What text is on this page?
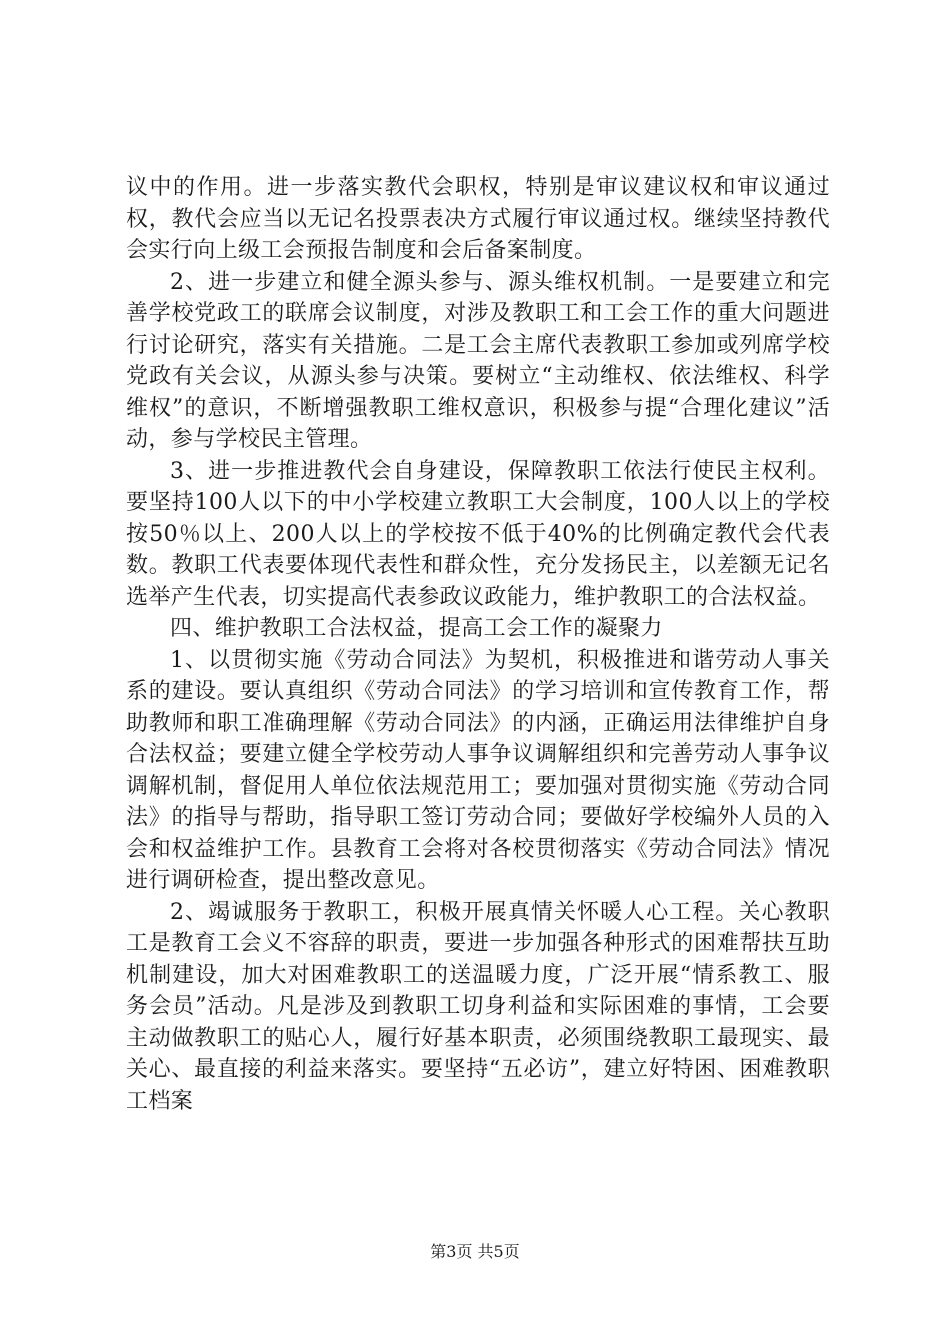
议中的作用。进一步落实教代会职权，特别是审议建议权和审议通过权，教代会应当以无记名投票表决方式履行审议通过权。继续坚持教代会实行向上级工会预报告制度和会后备案制度。

2、进一步建立和健全源头参与、源头维权机制。一是要建立和完善学校党政工的联席会议制度，对涉及教职工和工会工作的重大问题进行讨论研究，落实有关措施。二是工会主席代表教职工参加或列席学校党政有关会议，从源头参与决策。要树立“主动维权、依法维权、科学维权”的意识，不断增强教职工维权意识，积极参与提“合理化建议”活动，参与学校民主管理。

3、进一步推进教代会自身建设，保障教职工依法行使民主权利。要坚持100人以下的中小学校建立教职工大会制度，100人以上的学校按50％以上、200人以上的学校按不低于40%的比例确定教代会代表数。教职工代表要体现代表性和群众性，充分发扬民主，以差额无记名选举产生代表，切实提高代表参政议政能力，维护教职工的合法权益。

四、维护教职工合法权益，提高工会工作的凝聚力

1、以贯彻实施《劳动合同法》为契机，积极推进和谐劳动人事关系的建设。要认真组织《劳动合同法》的学习培训和宣传教育工作，帮助教师和职工准确理解《劳动合同法》的内涵，正确运用法律维护自身合法权益；要建立健全学校劳动人事争议调解组织和完善劳动人事争议调解机制，督促用人单位依法规范用工；要加强对贯彻实施《劳动合同法》的指导与帮助，指导职工签订劳动合同；要做好学校编外人员的入会和权益维护工作。县教育工会将对各校贯彻落实《劳动合同法》情况进行调研检查，提出整改意见。

2、竭诚服务于教职工，积极开展真情关怀暖人心工程。关心教职工是教育工会义不容辞的职责，要进一步加强各种形式的困难帮扶互助机制建设，加大对困难教职工的送温暖力度，广泛开展“情系教工、服务会员”活动。凡是涉及到教职工切身利益和实际困难的事情，工会要主动做教职工的贴心人，履行好基本职责，必须围绕教职工最现实、最关心、最直接的利益来落实。要坚持“五必访”，建立好特困、困难教职工档案

第3页 共5页
